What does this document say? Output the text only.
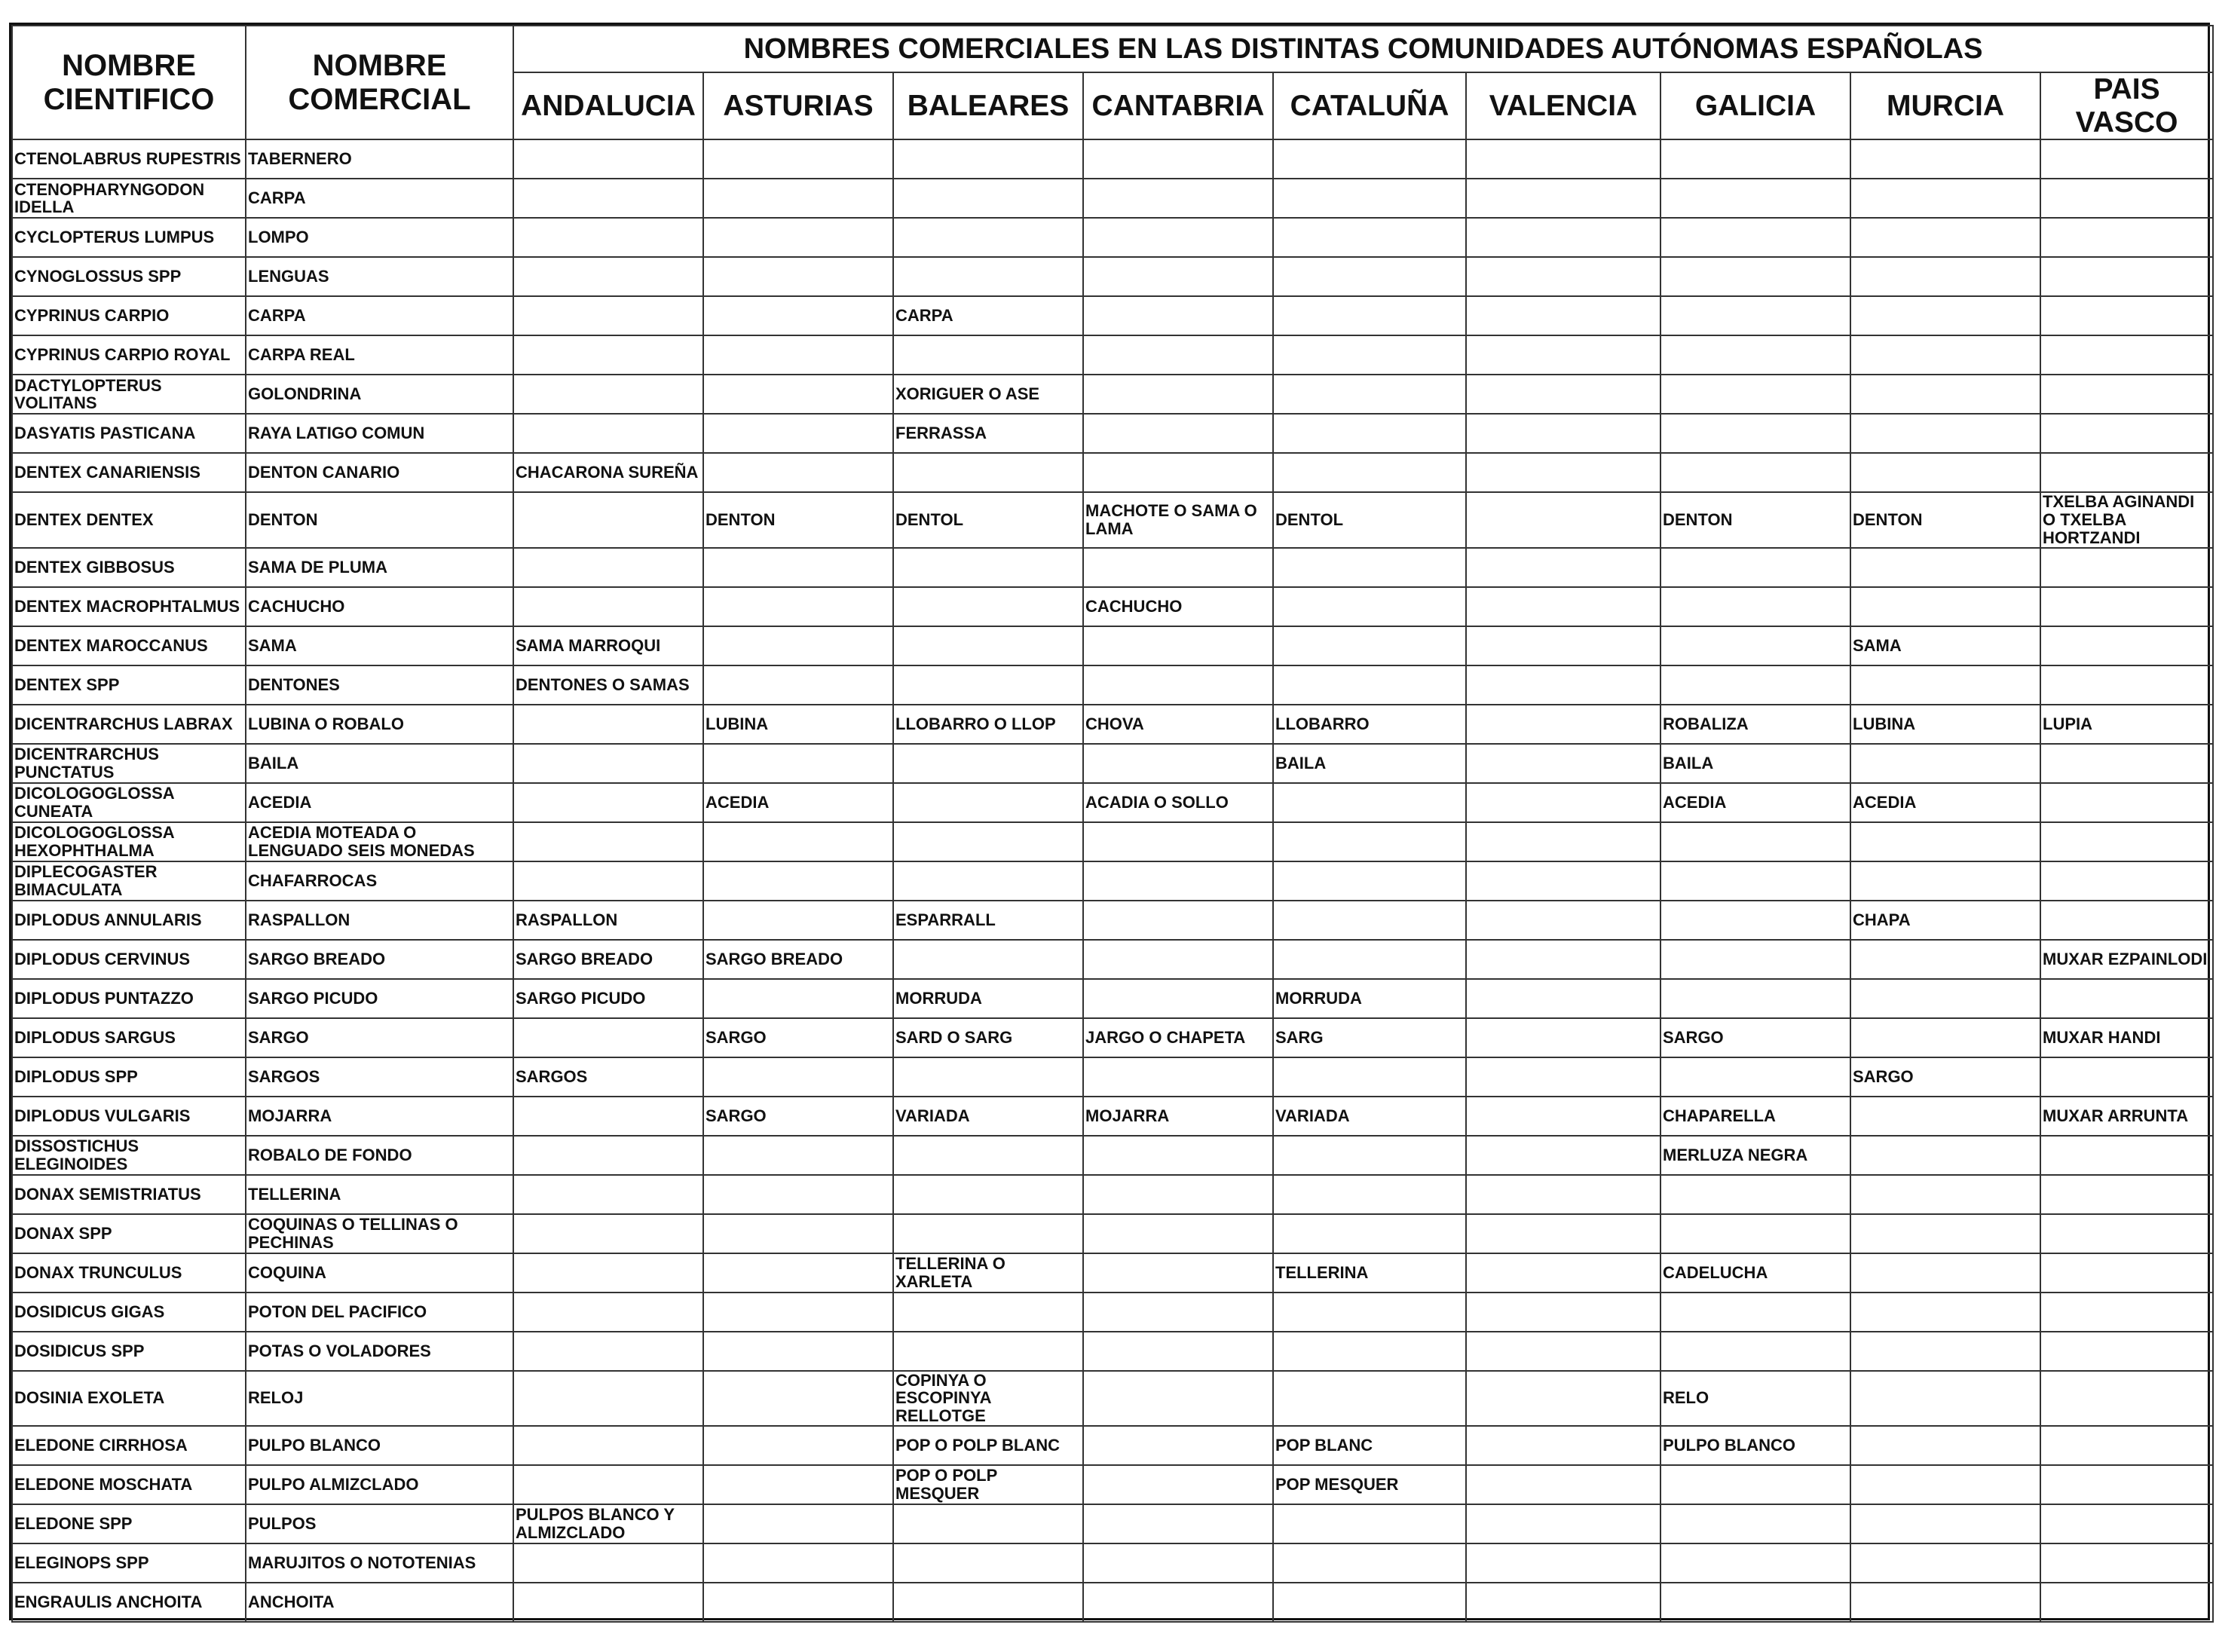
NOMBRE CIENTIFICO	NOMBRE COMERCIAL	NOMBRES COMERCIALES EN LAS DISTINTAS COMUNIDADES AUTÓNOMAS ESPAÑOLAS								
		ANDALUCIA	ASTURIAS	BALEARES	CANTABRIA	CATALUÑA	VALENCIA	GALICIA	MURCIA	PAIS VASCO

CTENOLABRUS RUPESTRIS	TABERNERO									

CTENOPHARYNGODON IDELLA	CARPA									

CYCLOPTERUS LUMPUS	LOMPO									

CYNOGLOSSUS SPP	LENGUAS									

CYPRINUS CARPIO	CARPA			CARPA						

CYPRINUS CARPIO ROYAL	CARPA REAL									

DACTYLOPTERUS VOLITANS	GOLONDRINA			XORIGUER O ASE						

DASYATIS PASTICANA	RAYA LATIGO COMUN			FERRASSA						

DENTEX CANARIENSIS	DENTON CANARIO	CHACARONA SUREÑA								

DENTEX DENTEX	DENTON		DENTON	DENTOL	MACHOTE O SAMA O LAMA	DENTOL		DENTON	DENTON	TXELBA AGINANDI O TXELBA HORTZANDI

DENTEX GIBBOSUS	SAMA DE PLUMA									

DENTEX MACROPHTALMUS	CACHUCHO				CACHUCHO					

DENTEX MAROCCANUS	SAMA	SAMA MARROQUI							SAMA	

DENTEX SPP	DENTONES	DENTONES O SAMAS								

DICENTRARCHUS LABRAX	LUBINA O ROBALO		LUBINA	LLOBARRO O LLOP	CHOVA	LLOBARRO		ROBALIZA	LUBINA	LUPIA

DICENTRARCHUS PUNCTATUS	BAILA					BAILA		BAILA		

DICOLOGOGLOSSA CUNEATA	ACEDIA		ACEDIA		ACADIA O SOLLO			ACEDIA	ACEDIA	

DICOLOGOGLOSSA HEXOPHTHALMA	ACEDIA MOTEADA O LENGUADO SEIS MONEDAS									

DIPLECOGASTER BIMACULATA	CHAFARROCAS									

DIPLODUS ANNULARIS	RASPALLON	RASPALLON		ESPARRALL					CHAPA	

DIPLODUS CERVINUS	SARGO BREADO	SARGO BREADO	SARGO BREADO							MUXAR EZPAINLODI

DIPLODUS PUNTAZZO	SARGO PICUDO	SARGO PICUDO		MORRUDA		MORRUDA				

DIPLODUS SARGUS	SARGO		SARGO	SARD O SARG	JARGO O CHAPETA	SARG		SARGO		MUXAR HANDI

DIPLODUS SPP	SARGOS	SARGOS							SARGO	

DIPLODUS VULGARIS	MOJARRA		SARGO	VARIADA	MOJARRA	VARIADA		CHAPARELLA		MUXAR ARRUNTA

DISSOSTICHUS ELEGINOIDES	ROBALO DE FONDO							MERLUZA NEGRA		

DONAX SEMISTRIATUS	TELLERINA									

DONAX SPP	COQUINAS O TELLINAS O PECHINAS									

DONAX TRUNCULUS	COQUINA			TELLERINA O XARLETA		TELLERINA		CADELUCHA		

DOSIDICUS GIGAS	POTON DEL PACIFICO									

DOSIDICUS SPP	POTAS O VOLADORES									

DOSINIA EXOLETA	RELOJ			COPINYA O ESCOPINYA RELLOTGE				RELO		

ELEDONE CIRRHOSA	PULPO BLANCO			POP O POLP BLANC		POP BLANC		PULPO BLANCO		

ELEDONE MOSCHATA	PULPO ALMIZCLADO			POP O POLP MESQUER		POP MESQUER				

ELEDONE SPP	PULPOS	PULPOS BLANCO Y ALMIZCLADO								

ELEGINOPS SPP	MARUJITOS O NOTOTENIAS									

ENGRAULIS ANCHOITA	ANCHOITA									
